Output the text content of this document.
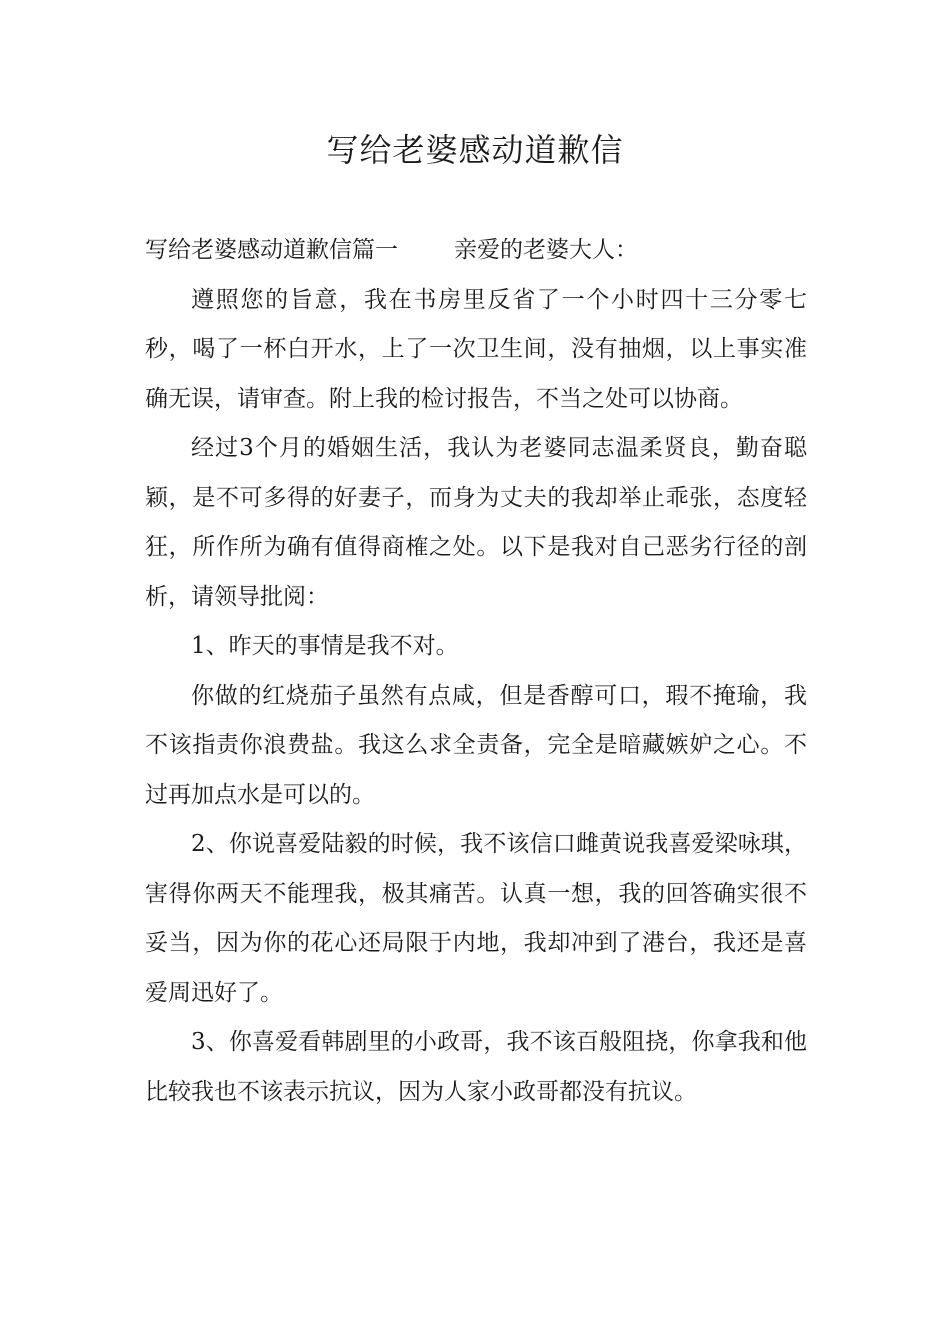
写给老婆感动道歉信

写给老婆感动道歉信篇一 亲爱的老婆大人：

遵照您的旨意，我在书房里反省了一个小时四十三分零七秒，喝了一杯白开水，上了一次卫生间，没有抽烟，以上事实准确无误，请审查。附上我的检讨报告，不当之处可以协商。

经过3个月的婚姻生活，我认为老婆同志温柔贤良，勤奋聪颖，是不可多得的好妻子，而身为丈夫的我却举止乖张，态度轻狂，所作所为确有值得商榷之处。以下是我对自己恶劣行径的剖析，请领导批阅：

1、昨天的事情是我不对。

你做的红烧茄子虽然有点咸，但是香醇可口，瑕不掩瑜，我不该指责你浪费盐。我这么求全责备，完全是暗藏嫉妒之心。不过再加点水是可以的。

2、你说喜爱陆毅的时候，我不该信口雌黄说我喜爱梁咏琪，害得你两天不能理我，极其痛苦。认真一想，我的回答确实很不妥当，因为你的花心还局限于内地，我却冲到了港台，我还是喜爱周迅好了。

3、你喜爱看韩剧里的小政哥，我不该百般阻挠，你拿我和他比较我也不该表示抗议，因为人家小政哥都没有抗议。
